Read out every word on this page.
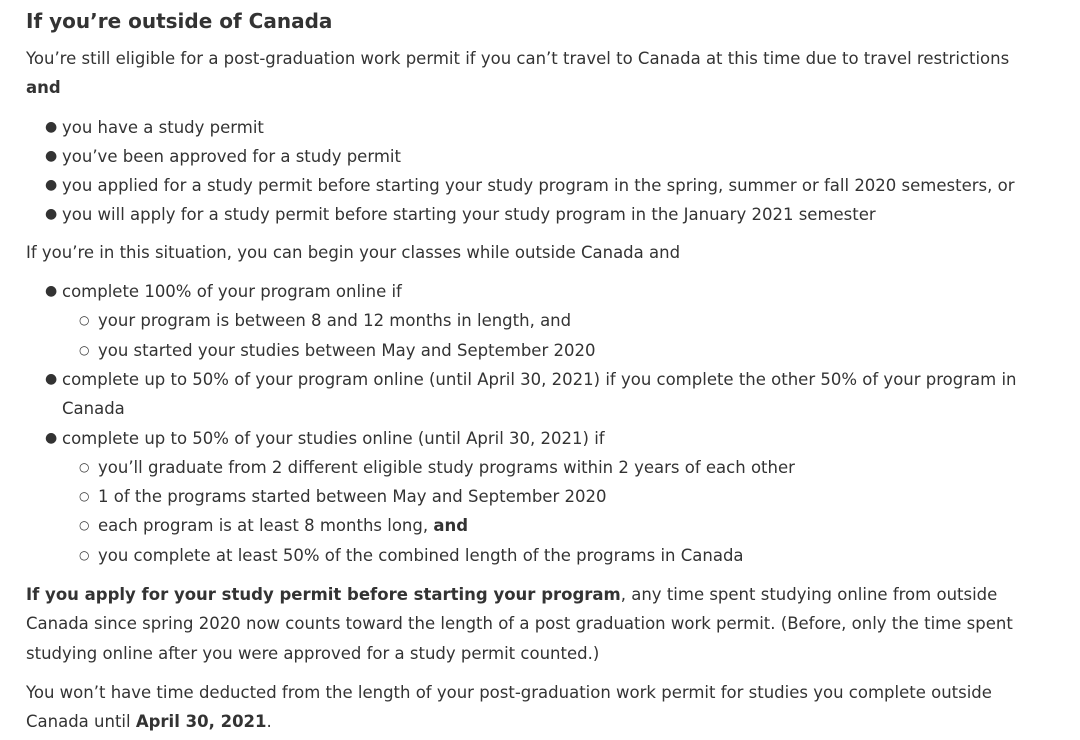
If you’re outside of Canada

You’re still eligible for a post-graduation work permit if you can’t travel to Canada at this time due to travel restrictions
and

● you have a study permit
● you’ve been approved for a study permit
● you applied for a study permit before starting your study program in the spring, summer or fall 2020 semesters, or
● you will apply for a study permit before starting your study program in the January 2021 semester

If you’re in this situation, you can begin your classes while outside Canada and

● complete 100% of your program online if
○ your program is between 8 and 12 months in length, and
○ you started your studies between May and September 2020
● complete up to 50% of your program online (until April 30, 2021) if you complete the other 50% of your program in Canada
● complete up to 50% of your studies online (until April 30, 2021) if
○ you’ll graduate from 2 different eligible study programs within 2 years of each other
○ 1 of the programs started between May and September 2020
○ each program is at least 8 months long, and
○ you complete at least 50% of the combined length of the programs in Canada

If you apply for your study permit before starting your program, any time spent studying online from outside Canada since spring 2020 now counts toward the length of a post graduation work permit. (Before, only the time spent studying online after you were approved for a study permit counted.)

You won’t have time deducted from the length of your post-graduation work permit for studies you complete outside Canada until April 30, 2021.
